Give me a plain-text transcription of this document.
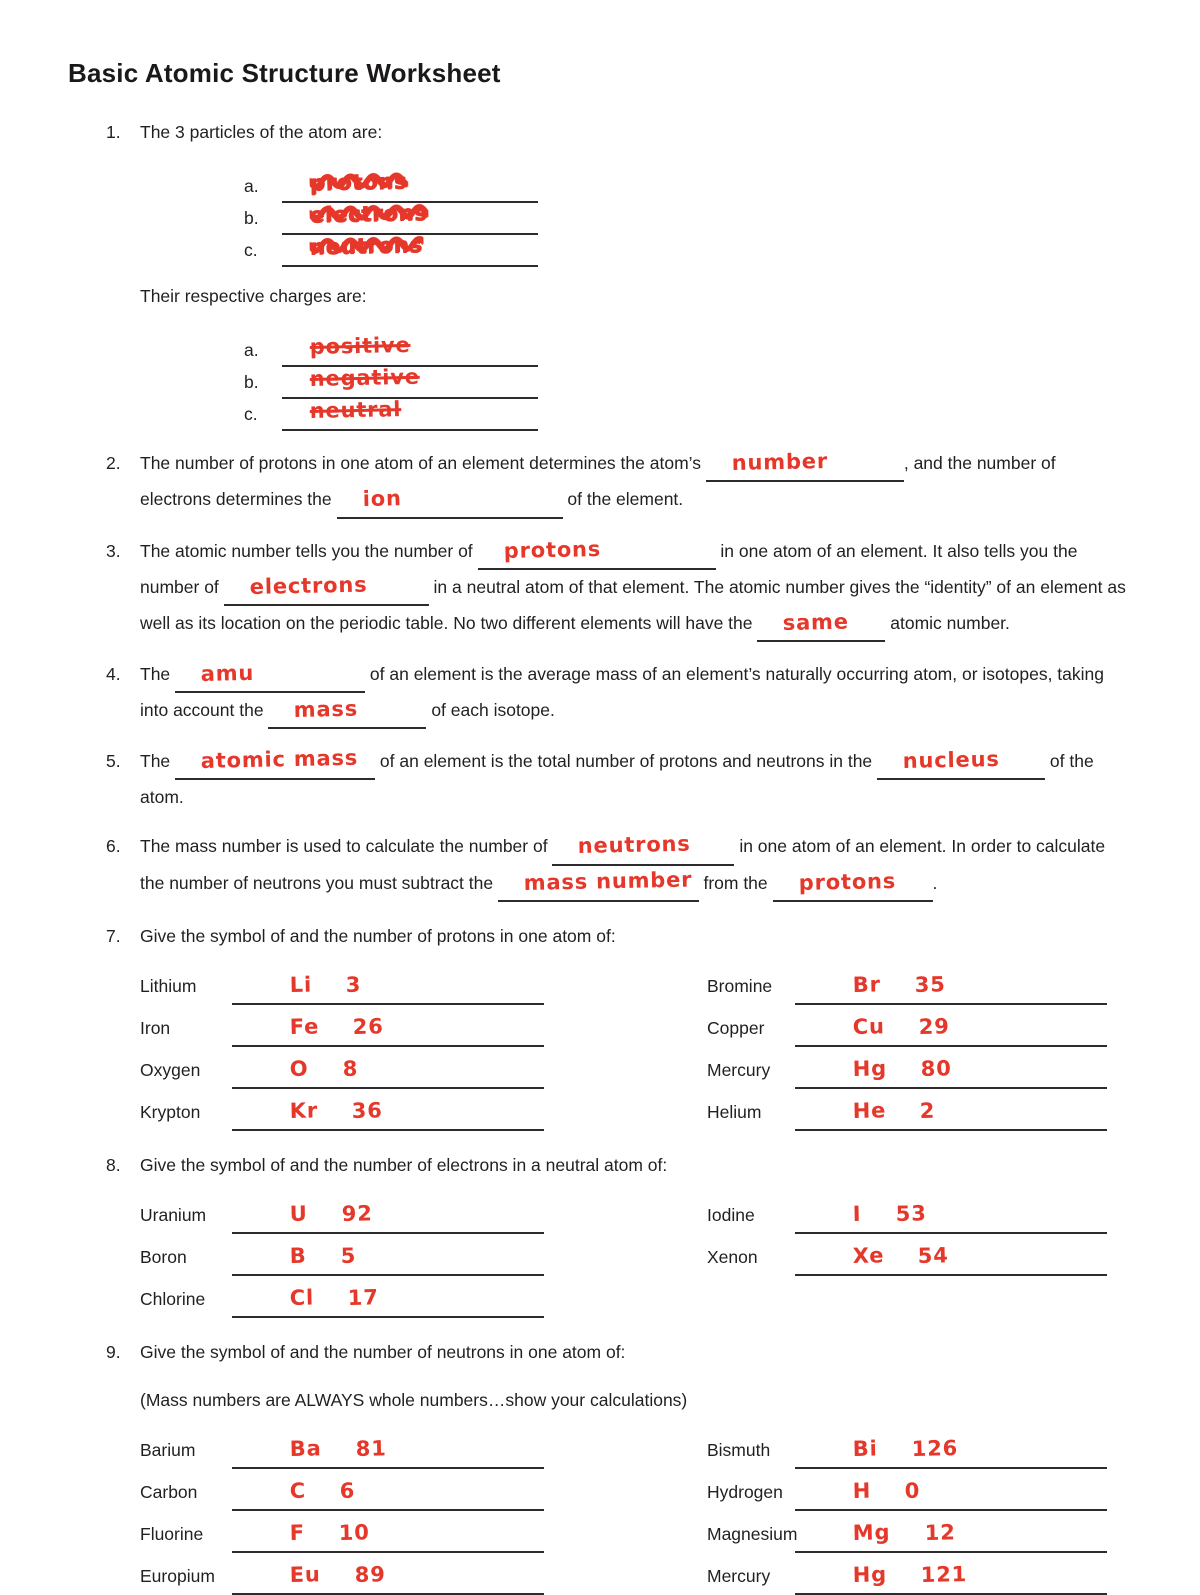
Basic Atomic Structure Worksheet
1. The 3 particles of the atom are:
a.	protons
b.	electrons
c.	neutrons
Their respective charges are:
a.	positive
b.	negative
c.	neutral
2. The number of protons in one atom of an element determines the atom’s number	, and the number of electrons determines the ion	of the element.
3. The atomic number tells you the number of protons	in one atom of an element. It also tells you the number of electrons	in a neutral atom of that element. The atomic number gives the “identity” of an element as well as its location on the periodic table. No two different elements will have the same atomic number.
4. The amu	of an element is the average mass of an element’s naturally occurring atom, or isotopes, taking into account the mass	of each isotope.
5. The atomic mass of an element is the total number of protons and neutrons in the nucleus	of the atom.
6. The mass number is used to calculate the number of neutrons	in one atom of an element. In order to calculate the number of neutrons you must subtract the mass number from the protons .
7. Give the symbol of and the number of protons in one atom of:
Lithium	Li 3
Iron	Fe 26
Oxygen	O 8
Krypton	Kr 36
Bromine	Br 35
Copper	Cu 29
Mercury	Hg 80
Helium	He 2
8. Give the symbol of and the number of electrons in a neutral atom of:
Uranium	U 92
Boron	B 5
Chlorine	Cl 17
Iodine	I 53
Xenon	Xe 54
9. Give the symbol of and the number of neutrons in one atom of:
(Mass numbers are ALWAYS whole numbers…show your calculations)
Barium	Ba 81
Carbon	C 6
Fluorine	F 10
Europium	Eu 89
Bismuth	Bi 126
Hydrogen	H 0
Magnesium	Mg 12
Mercury	Hg 121
